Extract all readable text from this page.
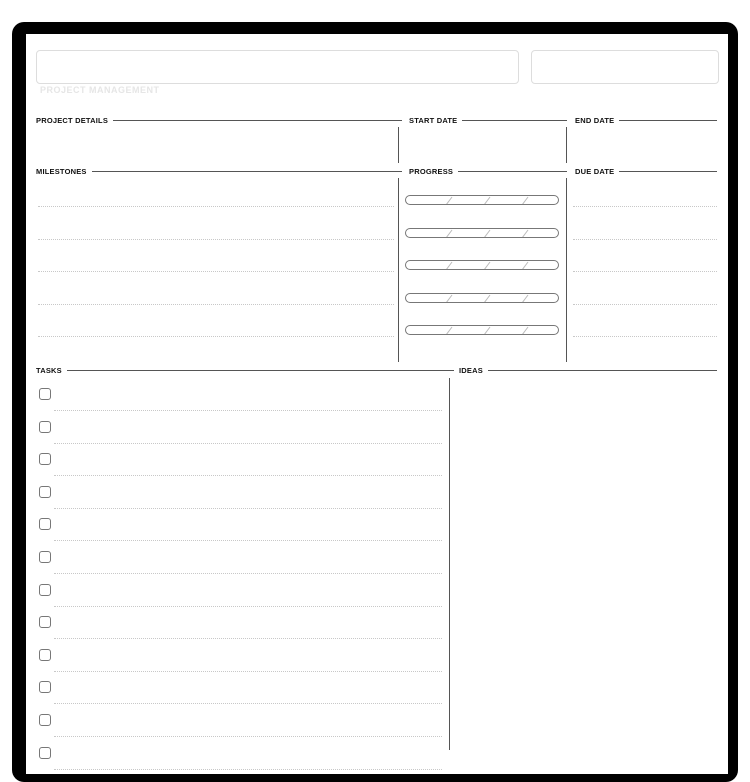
PROJECT MANAGEMENT
PROJECT DETAILS	START DATE	END DATE
MILESTONES	PROGRESS	DUE DATE
TASKS	IDEAS
